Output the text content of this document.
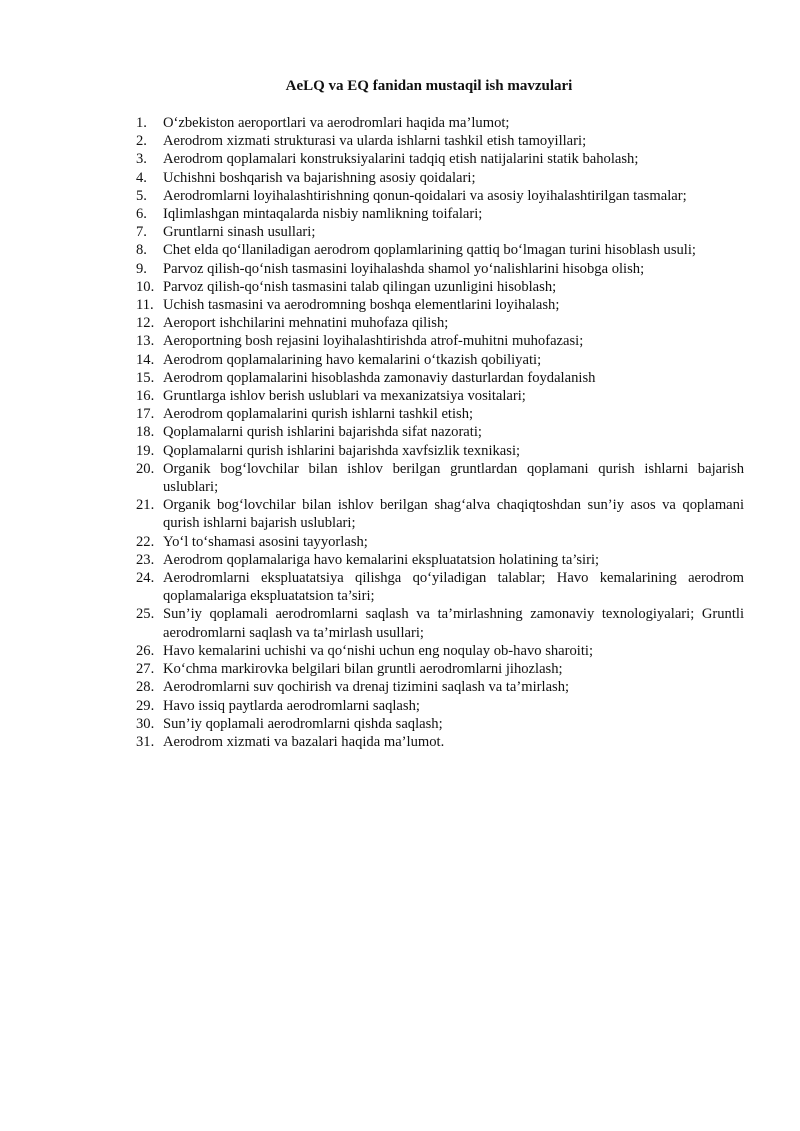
AeLQ va EQ fanidan mustaqil ish mavzulari
1.	O‘zbekiston aeroportlari va aerodromlari haqida ma’lumot;
2.	Aerodrom xizmati strukturasi va ularda ishlarni tashkil etish tamoyillari;
3.	Aerodrom qoplamalari konstruksiyalarini tadqiq etish natijalarini statik baholash;
4.	Uchishni boshqarish va bajarishning asosiy qoidalari;
5.	Aerodromlarni loyihalashtirishning qonun-qoidalari va asosiy loyihalashtirilgan tasmalar;
6.	Iqlimlashgan mintaqalarda nisbiy namlikning toifalari;
7.	Gruntlarni sinash usullari;
8.	Chet elda qo‘llaniladigan aerodrom qoplamlarining qattiq bo‘lmagan turini hisoblash usuli;
9.	Parvoz qilish-qo‘nish tasmasini loyihalashda shamol yo‘nalishlarini hisobga olish;
10. Parvoz qilish-qo‘nish tasmasini talab qilingan uzunligini hisoblash;
11. Uchish tasmasini va aerodromning boshqa elementlarini loyihalash;
12. Aeroport ishchilarini mehnatini muhofaza qilish;
13. Aeroportning bosh rejasini loyihalashtirishda atrof-muhitni muhofazasi;
14. Aerodrom qoplamalarining havo kemalarini o‘tkazish qobiliyati;
15. Aerodrom qoplamalarini hisoblashda zamonaviy dasturlardan foydalanish
16. Gruntlarga ishlov berish uslublari va mexanizatsiya vositalari;
17. Aerodrom qoplamalarini qurish ishlarni tashkil etish;
18. Qoplamalarni qurish ishlarini bajarishda sifat nazorati;
19. Qoplamalarni qurish ishlarini bajarishda xavfsizlik texnikasi;
20. Organik bog‘lovchilar bilan ishlov berilgan gruntlardan qoplamani qurish ishlarni bajarish uslublari;
21. Organik bog‘lovchilar bilan ishlov berilgan shag‘alva chaqiqtoshdan sun’iy asos va qoplamani qurish ishlarni bajarish uslublari;
22. Yo‘l to‘shamasi asosini tayyorlash;
23. Aerodrom qoplamalariga havo kemalarini ekspluatatsion holatining ta’siri;
24. Aerodromlarni ekspluatatsiya qilishga qo‘yiladigan talablar; Havo kemalarining aerodrom qoplamalariga ekspluatatsion ta’siri;
25. Sun’iy qoplamali aerodromlarni saqlash va ta’mirlashning zamonaviy texnologiyalari; Gruntli aerodromlarni saqlash va ta’mirlash usullari;
26. Havo kemalarini uchishi va qo‘nishi uchun eng noqulay ob-havo sharoiti;
27. Ko‘chma markirovka belgilari bilan gruntli aerodromlarni jihozlash;
28. Aerodromlarni suv qochirish va drenaj tizimini saqlash va ta’mirlash;
29. Havo issiq paytlarda aerodromlarni saqlash;
30. Sun’iy qoplamali aerodromlarni qishda saqlash;
31. Aerodrom xizmati va bazalari haqida ma’lumot.
